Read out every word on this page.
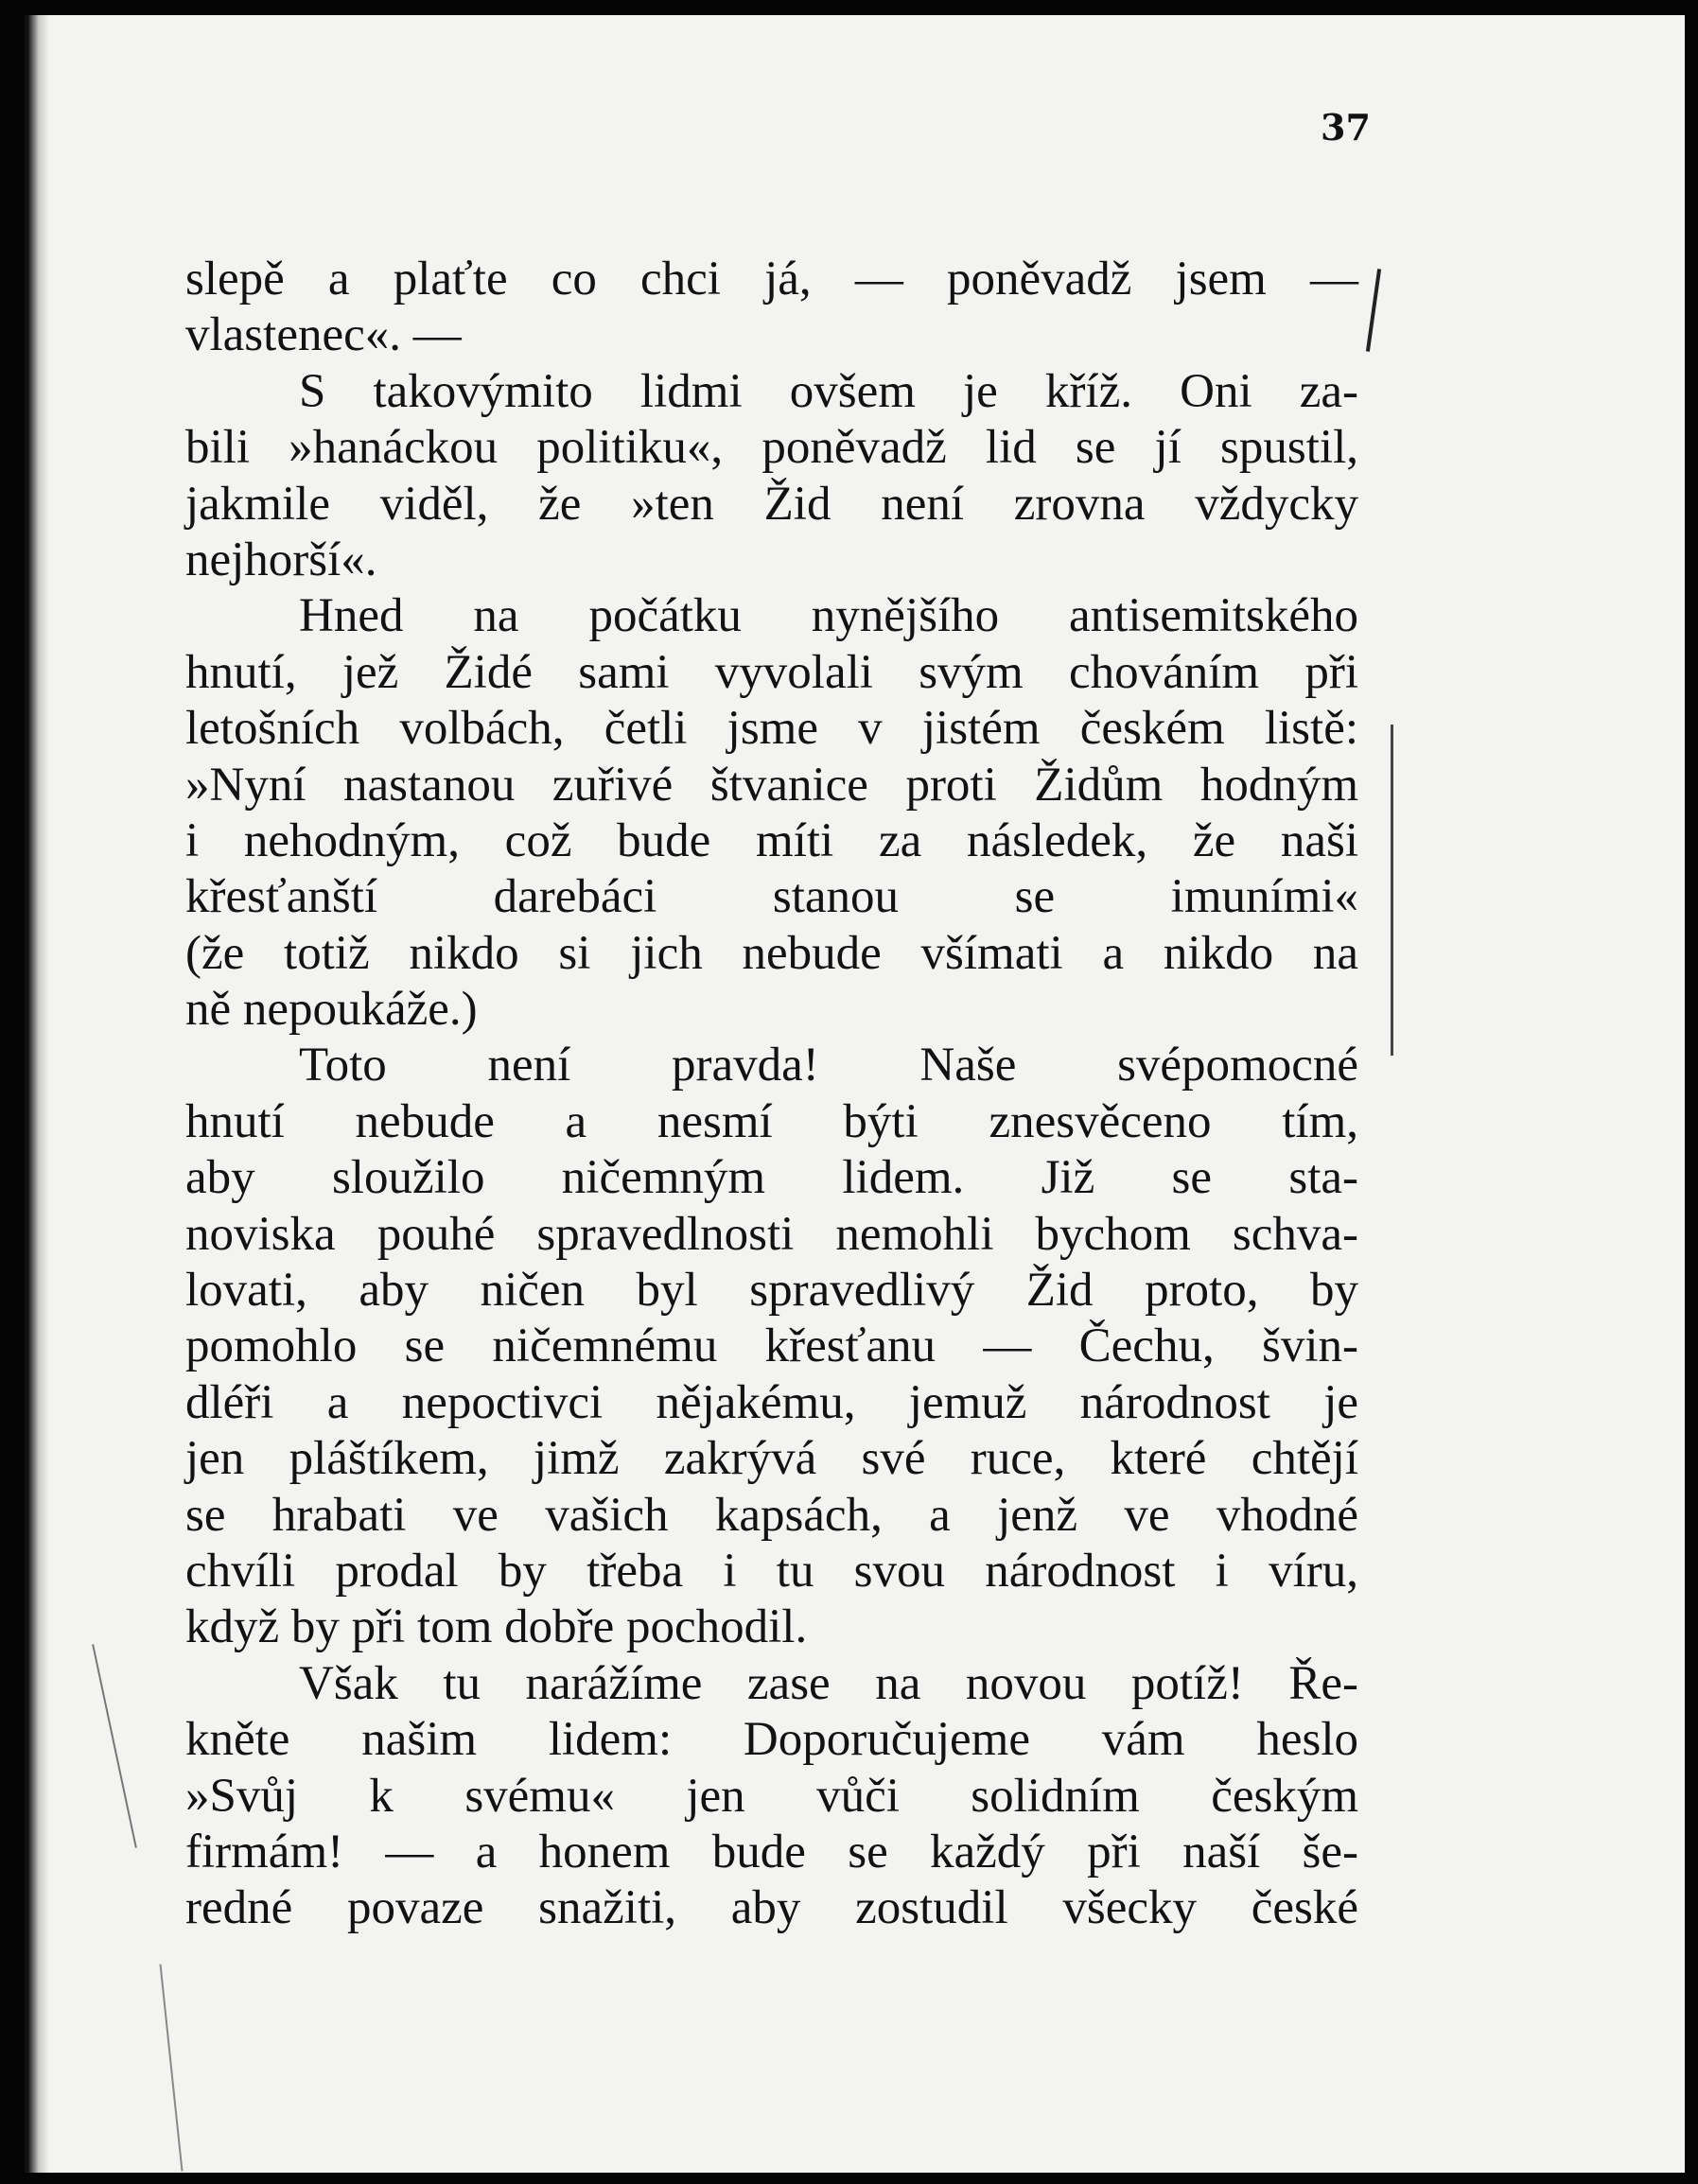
37
slepě a plaťte co chci já, — poněvadž jsem —
vlastenec«. —
S takovýmito lidmi ovšem je kříž. Oni za-
bili »hanáckou politiku«, poněvadž lid se jí spustil,
jakmile viděl, že »ten Žid není zrovna vždycky
nejhorší«.
Hned na počátku nynějšího antisemitského
hnutí, jež Židé sami vyvolali svým chováním při
letošních volbách, četli jsme v jistém českém listě:
»Nyní nastanou zuřivé štvanice proti Židům hodným
i nehodným, což bude míti za následek, že naši
křesťanští darebáci stanou se imuními«
(že totiž nikdo si jich nebude všímati a nikdo na
ně nepoukáže.)
Toto není pravda! Naše svépomocné
hnutí nebude a nesmí býti znesvěceno tím,
aby sloužilo ničemným lidem. Již se sta-
noviska pouhé spravedlnosti nemohli bychom schva-
lovati, aby ničen byl spravedlivý Žid proto, by
pomohlo se ničemnému křesťanu — Čechu, švin-
dléři a nepoctivci nějakému, jemuž národnost je
jen pláštíkem, jimž zakrývá své ruce, které chtějí
se hrabati ve vašich kapsách, a jenž ve vhodné
chvíli prodal by třeba i tu svou národnost i víru,
když by při tom dobře pochodil.
Však tu narážíme zase na novou potíž! Ře-
kněte našim lidem: Doporučujeme vám heslo
»Svůj k svému« jen vůči solidním českým
firmám! — a honem bude se každý při naší še-
redné povaze snažiti, aby zostudil všecky české
